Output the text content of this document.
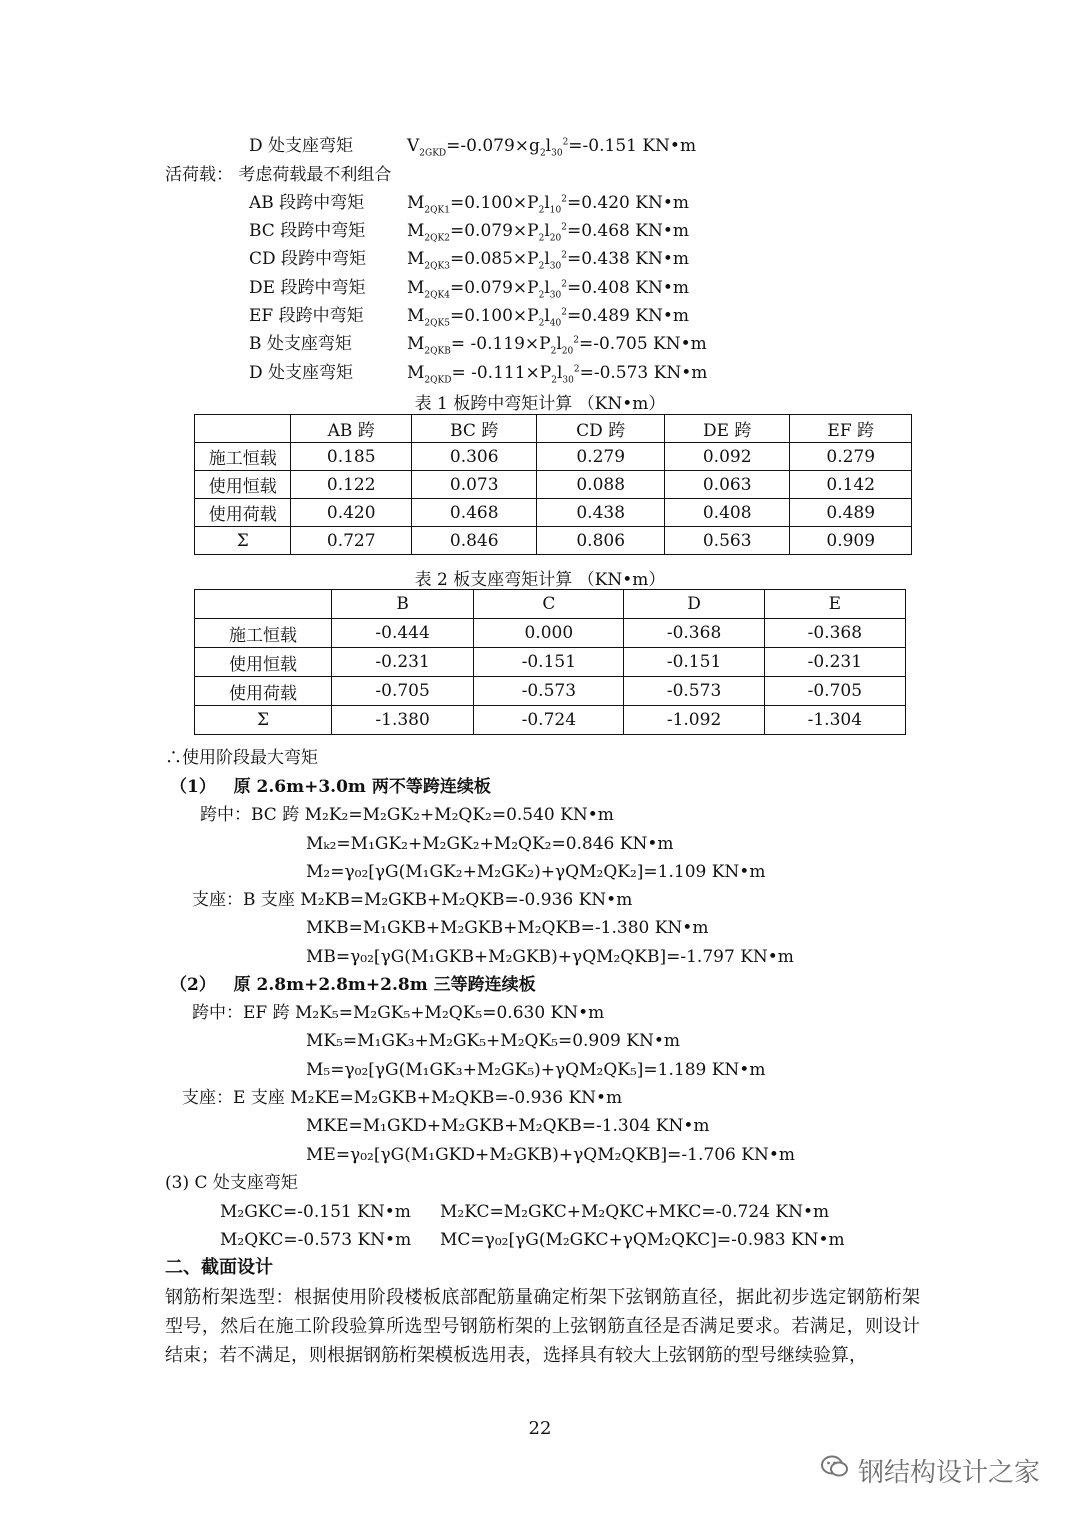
D 处支座弯矩	$V_{2GKD}=-0.079\times g_2l_{30}^2=-0.151$ KN•m
活荷载： 考虑荷载最不利组合
AB 段跨中弯矩	$M_{2QK1}=0.100\times P_2l_{10}^2=0.420$ KN•m
BC 段跨中弯矩 $M_{2QK2}=0.079\times P_2l_{20}^2=0.468$ KN•m
CD 段跨中弯矩 $M_{2QK3}=0.085\times P_2l_{30}^2=0.438$ KN•m
DE 段跨中弯矩 $M_{2QK4}=0.079\times P_2l_{30}^2=0.408$ KN•m
EF 段跨中弯矩	$M_{2QK5}=0.100\times P_2l_{40}^2=0.489$ KN•m
B 处支座弯矩	$M_{2QKB}= -0.119\times P_2l_{20}^2=-0.705$ KN•m
D 处支座弯矩	$M_{2QKD}= -0.111\times P_2l_{30}^2=-0.573$ KN•m
表 1 板跨中弯矩计算 （KN•m）
	AB 跨	BC 跨	CD 跨	DE 跨	EF 跨
施工恒载	0.185	0.306	0.279	0.092	0.279
使用恒载	0.122	0.073	0.088	0.063	0.142
使用荷载	0.420	0.468	0.438	0.408	0.489
Σ	0.727	0.846	0.806	0.563	0.909
表 2 板支座弯矩计算 （KN•m）
	B	C	D	E
施工恒载	-0.444	0.000	-0.368	-0.368
使用恒载	-0.231	-0.151	-0.151	-0.231
使用荷载	-0.705	-0.573	-0.573	-0.705
Σ	-1.380	-0.724	-1.092	-1.304
∴使用阶段最大弯矩
（1） 原 2.6m+3.0m 两不等跨连续板
跨中：BC 跨 M₂K₂=M₂GK₂+M₂QK₂=0.540 KN•m
Mₖ₂=M₁GK₂+M₂GK₂+M₂QK₂=0.846 KN•m
M₂=γ₀₂[γG(M₁GK₂+M₂GK₂)+γQM₂QK₂]=1.109 KN•m
支座：B 支座 M₂KB=M₂GKB+M₂QKB=-0.936 KN•m
MKB=M₁GKB+M₂GKB+M₂QKB=-1.380 KN•m
MB=γ₀₂[γG(M₁GKB+M₂GKB)+γQM₂QKB]=-1.797 KN•m
（2） 原 2.8m+2.8m+2.8m 三等跨连续板
跨中：EF 跨 M₂K₅=M₂GK₅+M₂QK₅=0.630 KN•m
MK₅=M₁GK₃+M₂GK₅+M₂QK₅=0.909 KN•m
M₅=γ₀₂[γG(M₁GK₃+M₂GK₅)+γQM₂QK₅]=1.189 KN•m
支座：E 支座 M₂KE=M₂GKB+M₂QKB=-0.936 KN•m
MKE=M₁GKD+M₂GKB+M₂QKB=-1.304 KN•m
ME=γ₀₂[γG(M₁GKD+M₂GKB)+γQM₂QKB]=-1.706 KN•m
(3) C 处支座弯矩
M₂GKC=-0.151 KN•m M₂KC=M₂GKC+M₂QKC+MKC=-0.724 KN•m
M₂QKC=-0.573 KN•m MC=γ₀₂[γG(M₂GKC+γQM₂QKC]=-0.983 KN•m
二、截面设计
钢筋桁架选型：根据使用阶段楼板底部配筋量确定桁架下弦钢筋直径，据此初步选定钢筋桁架型号，然后在施工阶段验算所选型号钢筋桁架的上弦钢筋直径是否满足要求。若满足，则设计结束；若不满足，则根据钢筋桁架模板选用表，选择具有较大上弦钢筋的型号继续验算，
22
钢结构设计之家
